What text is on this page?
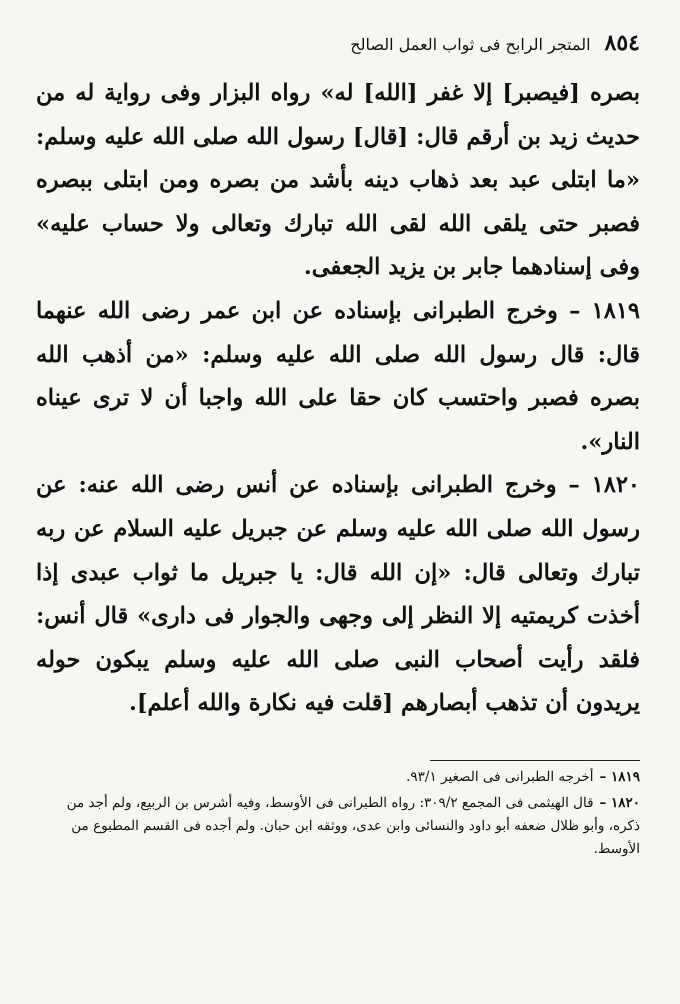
٨٥٤
المتجر الرابح فى ثواب العمل الصالح

بصره [فيصبر] إلا غفر [الله] له» رواه البزار وفى رواية له من حديث زيد بن أرقم قال: [قال] رسول الله صلى الله عليه وسلم: «ما ابتلى عبد بعد ذهاب دينه بأشد من بصره ومن ابتلى ببصره فصبر حتى يلقى الله لقى الله تبارك وتعالى ولا حساب عليه» وفى إسنادهما جابر بن يزيد الجعفى.

١٨١٩ – وخرج الطبرانى بإسناده عن ابن عمر رضى الله عنهما قال: قال رسول الله صلى الله عليه وسلم: «من أذهب الله بصره فصبر واحتسب كان حقا على الله واجبا أن لا ترى عيناه النار».

١٨٢٠ – وخرج الطبرانى بإسناده عن أنس رضى الله عنه: عن رسول الله صلى الله عليه وسلم عن جبريل عليه السلام عن ربه تبارك وتعالى قال: «إن الله قال: يا جبريل ما ثواب عبدى إذا أخذت كريمتيه إلا النظر إلى وجهى والجوار فى دارى» قال أنس: فلقد رأيت أصحاب النبى صلى الله عليه وسلم يبكون حوله يريدون أن تذهب أبصارهم [قلت فيه نكارة والله أعلم].

١٨١٩ –أخرجه الطبرانى فى الصغير ٩٣/١.

١٨٢٠ –قال الهيثمى فى المجمع ٣٠٩/٢: رواه الطبرانى فى الأوسط، وفيه أشرس بن الربيع، ولم أجد من ذكره، وأبو ظلال ضعفه أبو داود والنسائى وابن عدى، ووثقه ابن حبان. ولم أجده فى القسم المطبوع من الأوسط.
